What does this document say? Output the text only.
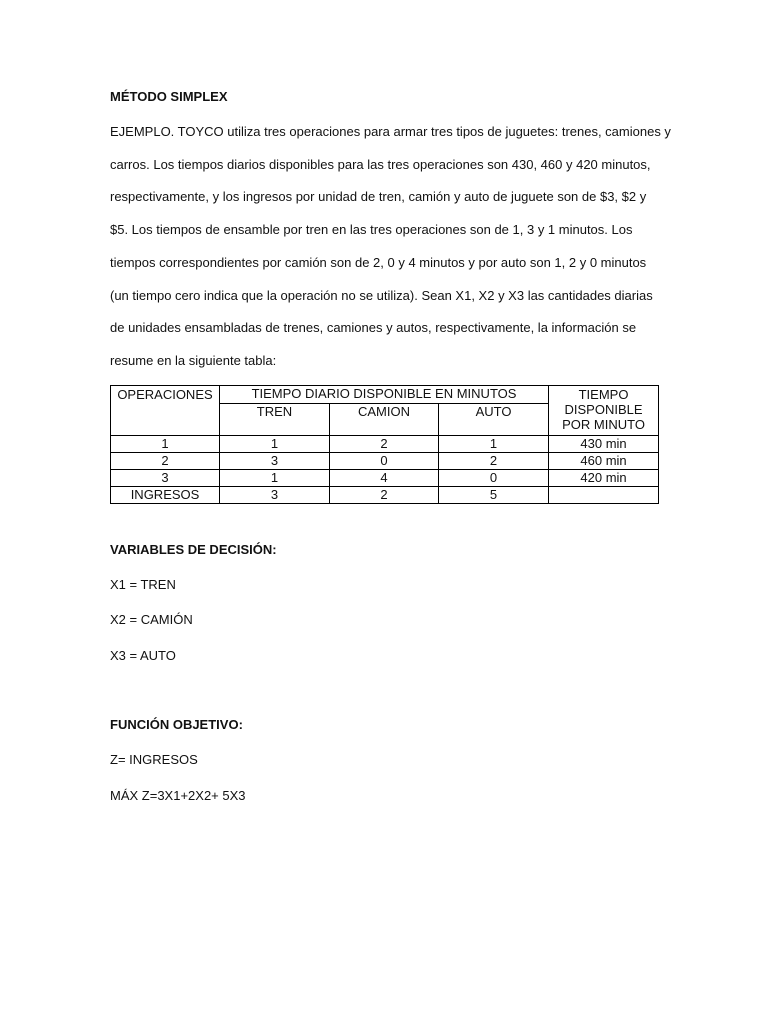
MÉTODO SIMPLEX
EJEMPLO. TOYCO utiliza tres operaciones para armar tres tipos de juguetes: trenes, camiones y
carros. Los tiempos diarios disponibles para las tres operaciones son 430, 460 y 420 minutos,
respectivamente, y los ingresos por unidad de tren, camión y auto de juguete son de $3, $2 y
$5. Los tiempos de ensamble por tren en las tres operaciones son de 1, 3 y 1 minutos. Los
tiempos correspondientes por camión son de 2, 0 y 4 minutos y por auto son 1, 2 y 0 minutos
(un tiempo cero indica que la operación no se utiliza). Sean X1, X2 y X3 las cantidades diarias
de unidades ensambladas de trenes, camiones y autos, respectivamente, la información se
resume en la siguiente tabla:
OPERACIONES	TIEMPO DIARIO DISPONIBLE EN MINUTOS			TIEMPO DISPONIBLE POR MINUTO

	TREN	CAMION	AUTO	
1	1	2	1	430 min
2	3	0	2	460 min
3	1	4	0	420 min
INGRESOS	3	2	5	
VARIABLES DE DECISIÓN:
X1 = TREN
X2 = CAMIÓN
X3 = AUTO
FUNCIÓN OBJETIVO:
Z= INGRESOS
MÁX Z=3X1+2X2+ 5X3
